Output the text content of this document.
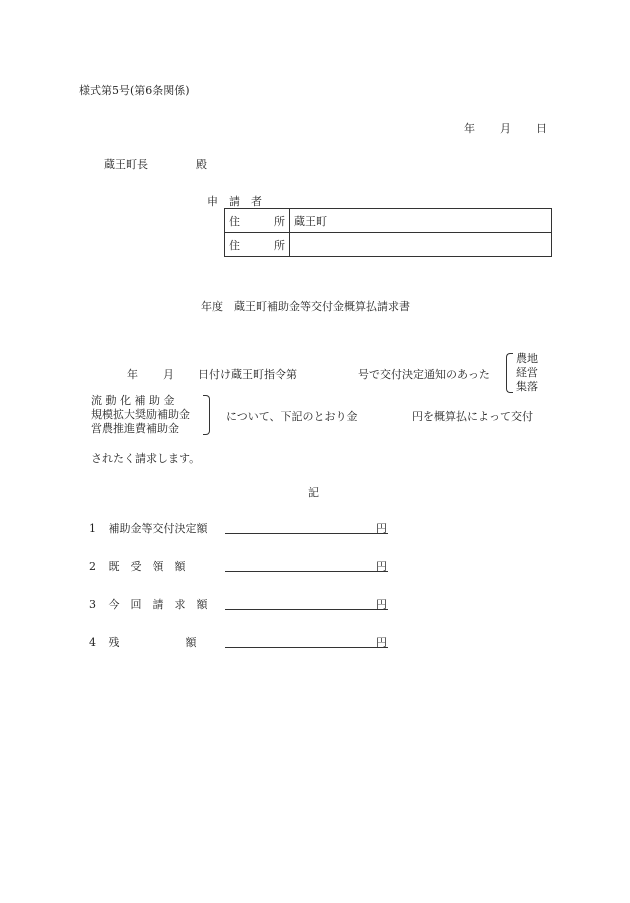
様式第5号(第6条関係)
年 月 日
蔵王町長	殿
申　請　者
住 所	蔵王町

住 所	

年度　蔵王町補助金等交付金概算払請求書
年 月 日付け蔵王町指令第	号で交付決定通知のあった
農地
経営
集落
流 動 化 補 助 金
規模拡大奨励補助金
営農推進費補助金
について、下記のとおり金	円を概算払によって交付
されたく請求します。
記
1 補助金等交付決定額	円
2 既　受　領　額	円
3 今　回　請　求　額	円
4 残　　　　　　額	円
